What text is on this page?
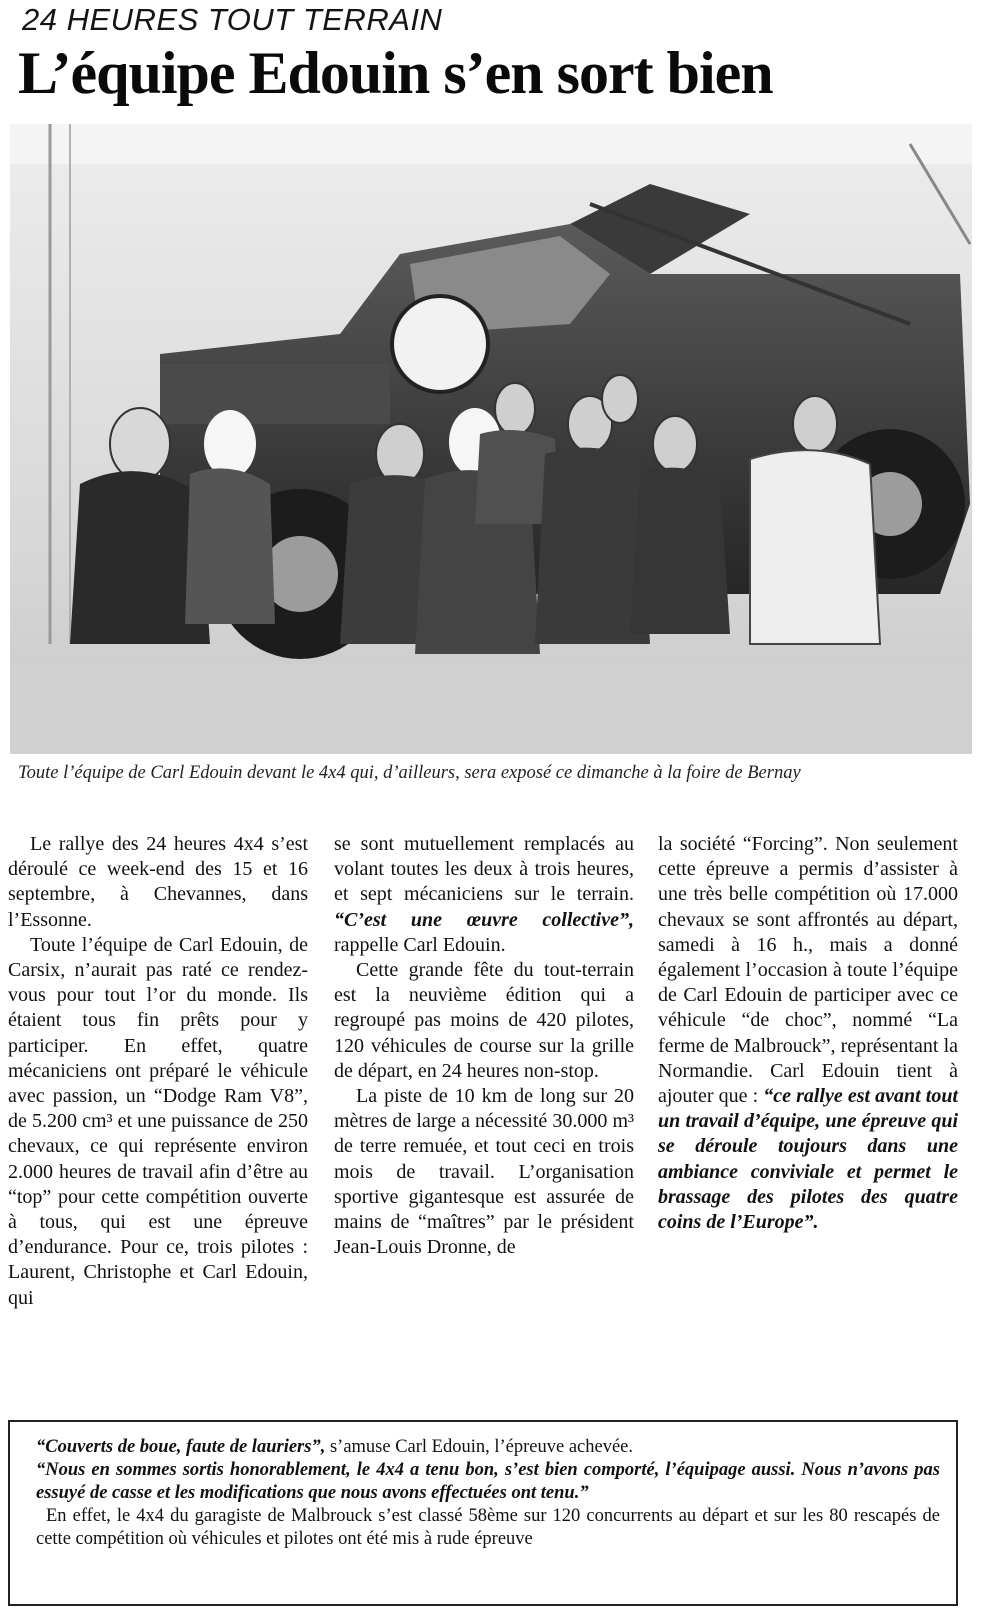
24 HEURES TOUT TERRAIN
L’équipe Edouin s’en sort bien
Toute l’équipe de Carl Edouin devant le 4x4 qui, d’ailleurs, sera exposé ce dimanche à la foire de Bernay

Le rallye des 24 heures 4x4 s’est déroulé ce week-end des 15 et 16 septembre, à Chevannes, dans l’Essonne.

Toute l’équipe de Carl Edouin, de Carsix, n’aurait pas raté ce rendez-vous pour tout l’or du monde. Ils étaient tous fin prêts pour y participer. En effet, quatre mécaniciens ont préparé le véhicule avec passion, un “Dodge Ram V8”, de 5.200 cm³ et une puissance de 250 chevaux, ce qui représente environ 2.000 heures de travail afin d’être au “top” pour cette compétition ouverte à tous, qui est une épreuve d’endurance. Pour ce, trois pilotes : Laurent, Christophe et Carl Edouin, qui

se sont mutuellement remplacés au volant toutes les deux à trois heures, et sept mécaniciens sur le terrain. “C’est une œuvre collective”, rappelle Carl Edouin.

Cette grande fête du tout-terrain est la neuvième édition qui a regroupé pas moins de 420 pilotes, 120 véhicules de course sur la grille de départ, en 24 heures non-stop.

La piste de 10 km de long sur 20 mètres de large a nécessité 30.000 m³ de terre remuée, et tout ceci en trois mois de travail. L’organisation sportive gigantesque est assurée de mains de “maîtres” par le président Jean-Louis Dronne, de

la société “Forcing”. Non seulement cette épreuve a permis d’assister à une très belle compétition où 17.000 chevaux se sont affrontés au départ, samedi à 16 h., mais a donné également l’occasion à toute l’équipe de Carl Edouin de participer avec ce véhicule “de choc”, nommé “La ferme de Malbrouck”, représentant la Normandie. Carl Edouin tient à ajouter que : “ce rallye est avant tout un travail d’équipe, une épreuve qui se déroule toujours dans une ambiance conviviale et permet le brassage des pilotes des quatre coins de l’Europe”.

“Couverts de boue, faute de lauriers”, s’amuse Carl Edouin, l’épreuve achevée.

“Nous en sommes sortis honorablement, le 4x4 a tenu bon, s’est bien comporté, l’équipage aussi. Nous n’avons pas essuyé de casse et les modifications que nous avons effectuées ont tenu.”

En effet, le 4x4 du garagiste de Malbrouck s’est classé 58ème sur 120 concurrents au départ et sur les 80 rescapés de cette compétition où véhicules et pilotes ont été mis à rude épreuve
